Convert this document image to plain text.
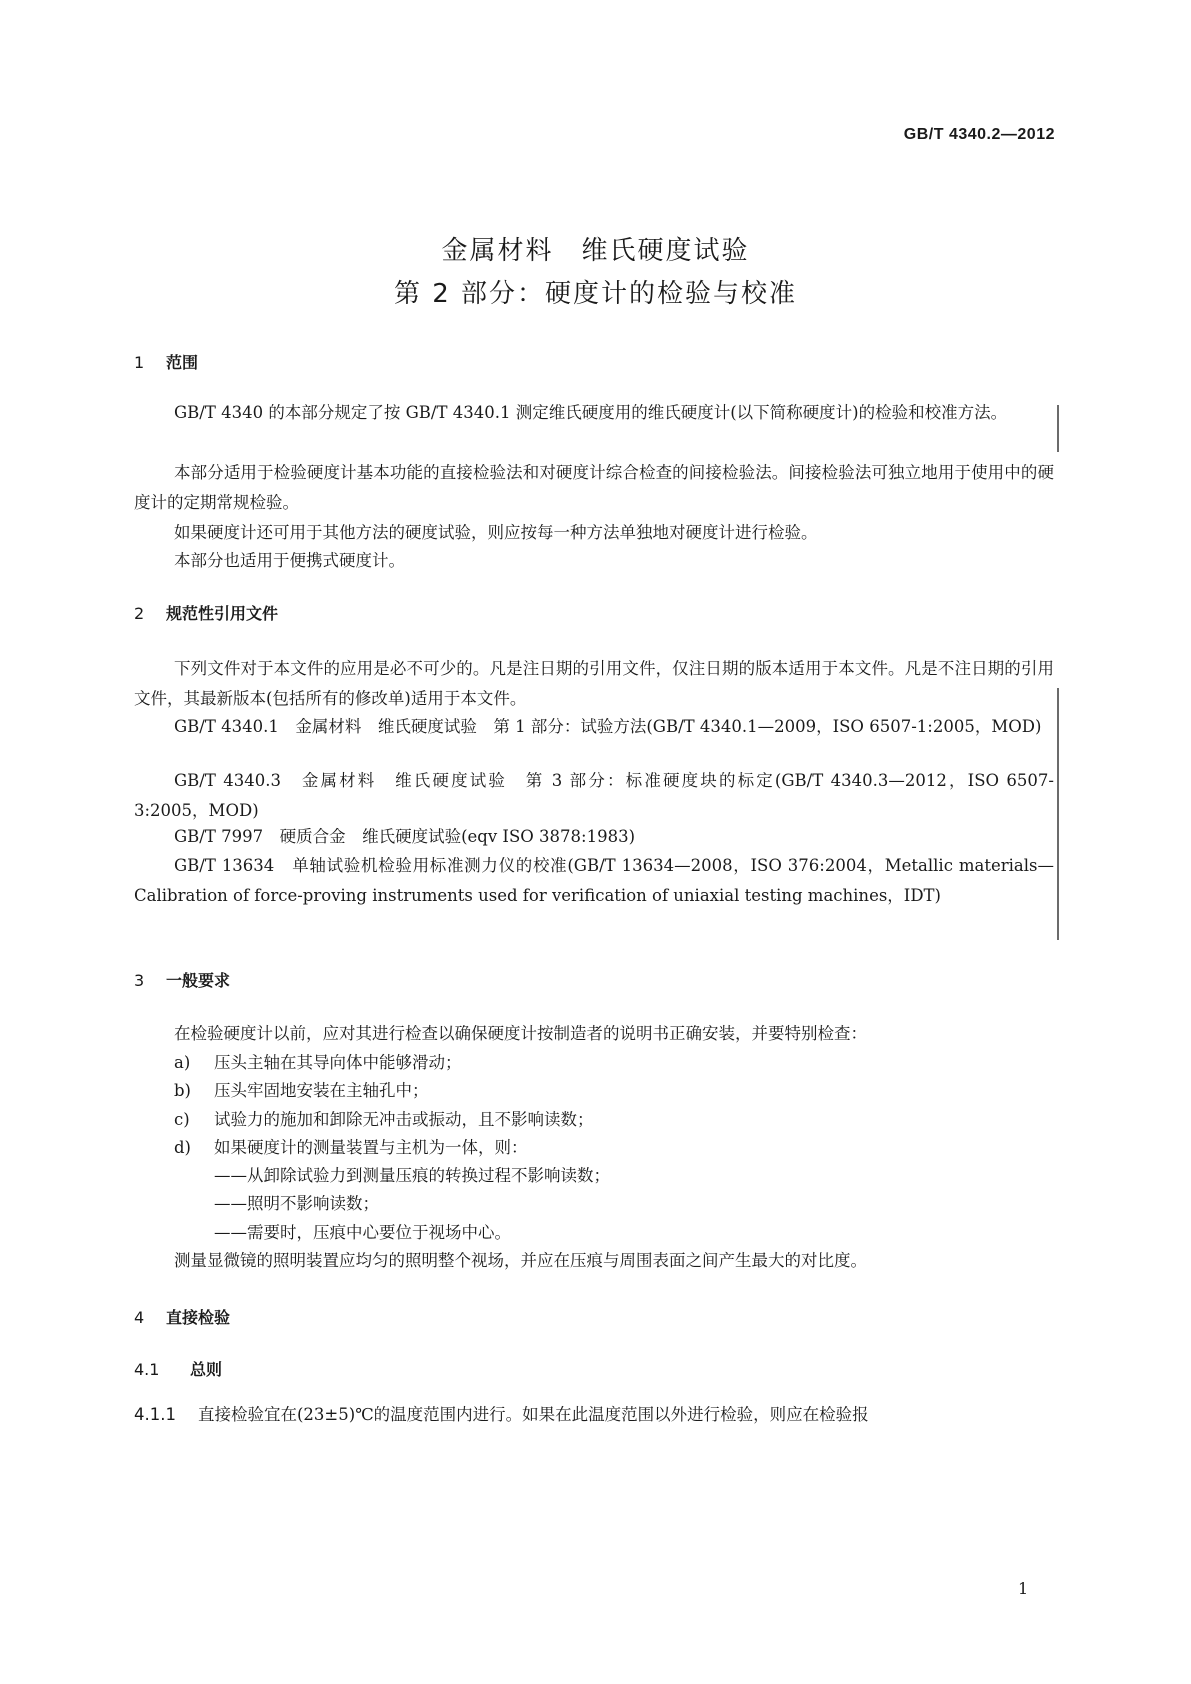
GB/T 4340.2—2012
金属材料　维氏硬度试验
第 2 部分：硬度计的检验与校准
1 范围
GB/T 4340 的本部分规定了按 GB/T 4340.1 测定维氏硬度用的维氏硬度计(以下简称硬度计)的检验和校准方法。
本部分适用于检验硬度计基本功能的直接检验法和对硬度计综合检查的间接检验法。间接检验法可独立地用于使用中的硬度计的定期常规检验。
如果硬度计还可用于其他方法的硬度试验，则应按每一种方法单独地对硬度计进行检验。
本部分也适用于便携式硬度计。
2 规范性引用文件
下列文件对于本文件的应用是必不可少的。凡是注日期的引用文件，仅注日期的版本适用于本文件。凡是不注日期的引用文件，其最新版本(包括所有的修改单)适用于本文件。
GB/T 4340.1　金属材料　维氏硬度试验　第 1 部分：试验方法(GB/T 4340.1—2009，ISO 6507-1:2005，MOD)
GB/T 4340.3　金属材料　维氏硬度试验　第 3 部分：标准硬度块的标定(GB/T 4340.3—2012，ISO 6507-3:2005，MOD)
GB/T 7997　硬质合金　维氏硬度试验(eqv ISO 3878:1983)
GB/T 13634　单轴试验机检验用标准测力仪的校准(GB/T 13634—2008，ISO 376:2004，Metallic materials—Calibration of force-proving instruments used for verification of uniaxial testing machines，IDT)
3 一般要求
在检验硬度计以前，应对其进行检查以确保硬度计按制造者的说明书正确安装，并要特别检查：
a) 压头主轴在其导向体中能够滑动；
b) 压头牢固地安装在主轴孔中；
c) 试验力的施加和卸除无冲击或振动，且不影响读数；
d) 如果硬度计的测量装置与主机为一体，则：
——从卸除试验力到测量压痕的转换过程不影响读数；
——照明不影响读数；
——需要时，压痕中心要位于视场中心。
测量显微镜的照明装置应均匀的照明整个视场，并应在压痕与周围表面之间产生最大的对比度。
4 直接检验
4.1 总则
4.1.1 直接检验宜在(23±5)℃的温度范围内进行。如果在此温度范围以外进行检验，则应在检验报
1
